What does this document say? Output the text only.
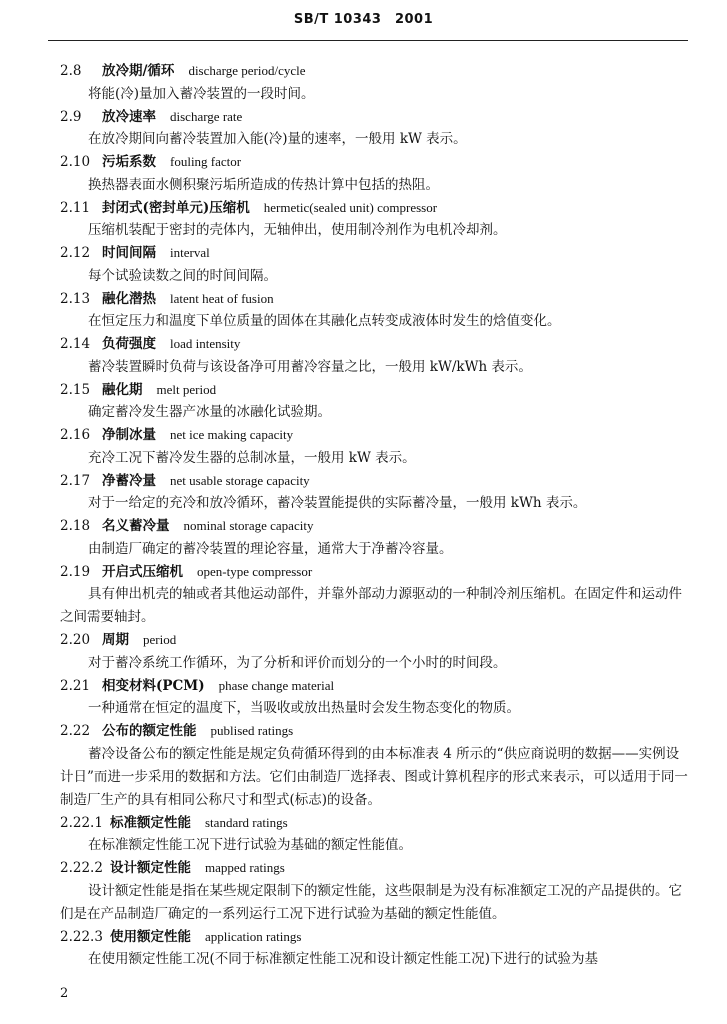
SB/T 10343　2001
2.8 放冷期/循环 discharge period/cycle
将能(冷)量加入蓄冷装置的一段时间。
2.9 放冷速率 discharge rate
在放冷期间向蓄冷装置加入能(冷)量的速率，一般用 kW 表示。
2.10 污垢系数 fouling factor
换热器表面水侧积聚污垢所造成的传热计算中包括的热阻。
2.11 封闭式(密封单元)压缩机 hermetic(sealed unit) compressor
压缩机装配于密封的壳体内，无轴伸出，使用制冷剂作为电机冷却剂。
2.12 时间间隔 interval
每个试验读数之间的时间间隔。
2.13 融化潜热 latent heat of fusion
在恒定压力和温度下单位质量的固体在其融化点转变成液体时发生的焓值变化。
2.14 负荷强度 load intensity
蓄冷装置瞬时负荷与该设备净可用蓄冷容量之比，一般用 kW/kWh 表示。
2.15 融化期 melt period
确定蓄冷发生器产冰量的冰融化试验期。
2.16 净制冰量 net ice making capacity
充冷工况下蓄冷发生器的总制冰量，一般用 kW 表示。
2.17 净蓄冷量 net usable storage capacity
对于一给定的充冷和放冷循环，蓄冷装置能提供的实际蓄冷量，一般用 kWh 表示。
2.18 名义蓄冷量 nominal storage capacity
由制造厂确定的蓄冷装置的理论容量，通常大于净蓄冷容量。
2.19 开启式压缩机 open-type compressor
具有伸出机壳的轴或者其他运动部件，并靠外部动力源驱动的一种制冷剂压缩机。在固定件和运动件之间需要轴封。
2.20 周期 period
对于蓄冷系统工作循环，为了分析和评价而划分的一个小时的时间段。
2.21 相变材料(PCM) phase change material
一种通常在恒定的温度下，当吸收或放出热量时会发生物态变化的物质。
2.22 公布的额定性能 publised ratings
蓄冷设备公布的额定性能是规定负荷循环得到的由本标准表 4 所示的“供应商说明的数据——实例设计日”而进一步采用的数据和方法。它们由制造厂选择表、图或计算机程序的形式来表示，可以适用于同一制造厂生产的具有相同公称尺寸和型式(标志)的设备。
2.22.1 标准额定性能 standard ratings
在标准额定性能工况下进行试验为基础的额定性能值。
2.22.2 设计额定性能 mapped ratings
设计额定性能是指在某些规定限制下的额定性能，这些限制是为没有标准额定工况的产品提供的。它们是在产品制造厂确定的一系列运行工况下进行试验为基础的额定性能值。
2.22.3 使用额定性能 application ratings
在使用额定性能工况(不同于标准额定性能工况和设计额定性能工况)下进行的试验为基
2
